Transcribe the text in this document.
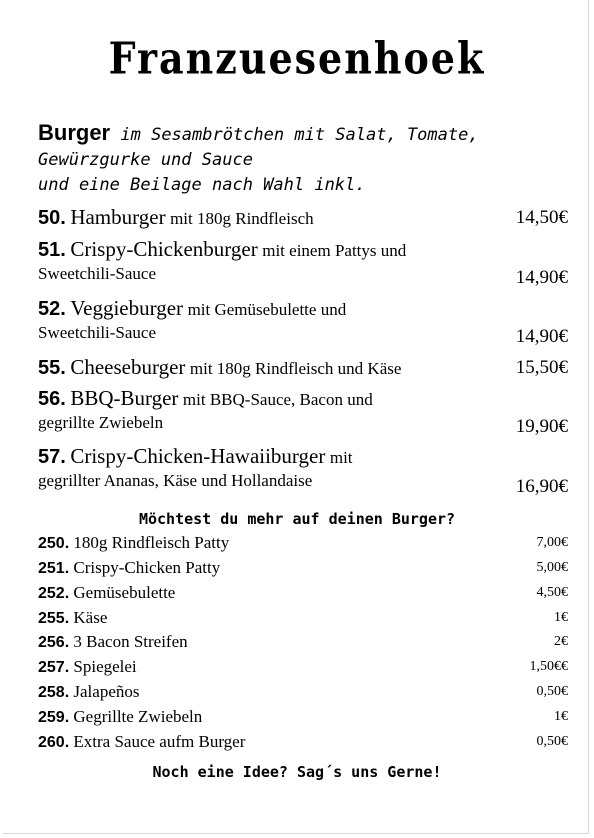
Franzuesenhoek
Burger im Sesambrötchen mit Salat, Tomate,
Gewürzgurke und Sauce
und eine Beilage nach Wahl inkl.
50. Hamburger mit 180g Rindfleisch	14,50€
51. Crispy-Chickenburger mit einem Pattys und
Sweetchili-Sauce	14,90€
52. Veggieburger mit Gemüsebulette und
Sweetchili-Sauce	14,90€
55. Cheeseburger mit 180g Rindfleisch und Käse	15,50€
56. BBQ-Burger mit BBQ-Sauce, Bacon und
gegrillte Zwiebeln	19,90€
57. Crispy-Chicken-Hawaiiburger mit
gegrillter Ananas, Käse und Hollandaise	16,90€
Möchtest du mehr auf deinen Burger?
250. 180g Rindfleisch Patty	7,00€
251. Crispy-Chicken Patty	5,00€
252. Gemüsebulette	4,50€
255. Käse	1€
256. 3 Bacon Streifen	2€
257. Spiegelei	1,50€€
258. Jalapeños	0,50€
259. Gegrillte Zwiebeln	1€
260. Extra Sauce aufm Burger	0,50€
Noch eine Idee? Sag´s uns Gerne!
